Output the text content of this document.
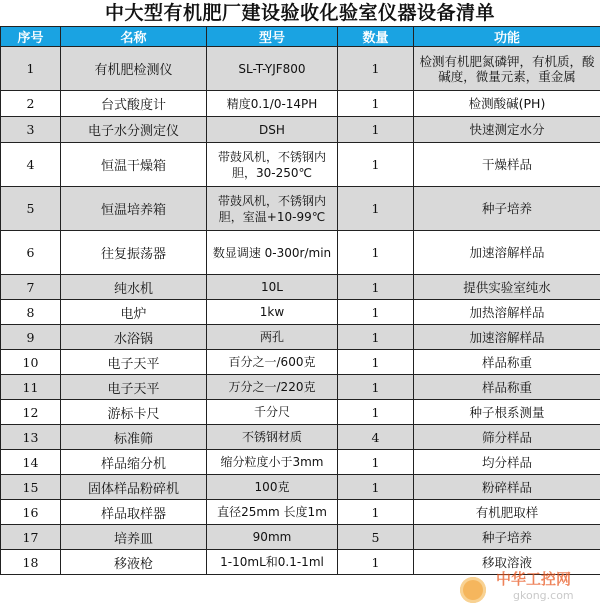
中大型有机肥厂建设验收化验室仪器设备清单
序号	名称	型号	数量	功能
1	有机肥检测仪	SL-T-YJF800	1	检测有机肥氮磷钾，有机质，酸碱度，微量元素，重金属
2	台式酸度计	精度0.1/0-14PH	1	检测酸碱(PH)
3	电子水分测定仪	DSH	1	快速测定水分
4	恒温干燥箱	带鼓风机，不锈钢内胆，30-250℃	1	干燥样品
5	恒温培养箱	带鼓风机，不锈钢内胆，室温+10-99℃	1	种子培养
6	往复振荡器	数显调速 0-300r/min	1	加速溶解样品
7	纯水机	10L	1	提供实验室纯水
8	电炉	1kw	1	加热溶解样品
9	水浴锅	两孔	1	加速溶解样品
10	电子天平	百分之一/600克	1	样品称重
11	电子天平	万分之一/220克	1	样品称重
12	游标卡尺	千分尺	1	种子根系测量
13	标准筛	不锈钢材质	4	筛分样品
14	样品缩分机	缩分粒度小于3mm	1	均分样品
15	固体样品粉碎机	100克	1	粉碎样品
16	样品取样器	直径25mm 长度1m	1	有机肥取样
17	培养皿	90mm	5	种子培养
18	移液枪	1-10mL和0.1-1ml	1	移取溶液
中华工控网
gkong.com
